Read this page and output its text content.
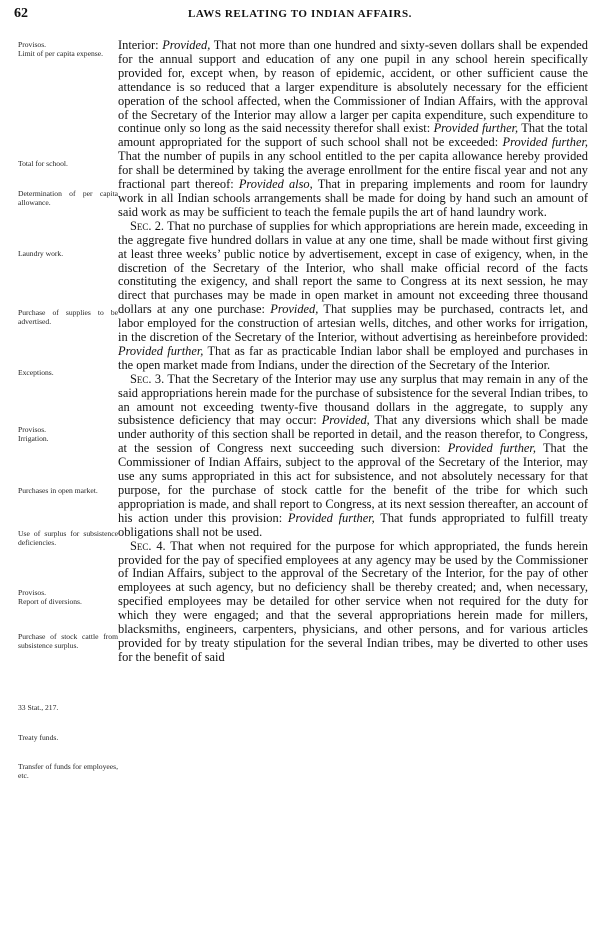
62	LAWS RELATING TO INDIAN AFFAIRS.
Provisos.
Limit of per capita expense.
Total for school.
Determination of per capita allowance.
Laundry work.
Purchase of supplies to be advertised.
Exceptions.
Provisos.
Irrigation.
Purchases in open market.
Use of surplus for subsistence deficiencies.
Provisos.
Report of diversions.
Purchase of stock cattle from subsistence surplus.
33 Stat., 217.
Treaty funds.
Transfer of funds for employees, etc.

Interior: Provided, That not more than one hundred and sixty-seven dollars shall be expended for the annual support and education of any one pupil in any school herein specifically provided for, except when, by reason of epidemic, accident, or other sufficient cause the attendance is so reduced that a larger expenditure is absolutely necessary for the efficient operation of the school affected, when the Commissioner of Indian Affairs, with the approval of the Secretary of the Interior may allow a larger per capita expenditure, such expenditure to continue only so long as the said necessity therefor shall exist: Provided further, That the total amount appropriated for the support of such school shall not be exceeded: Provided further, That the number of pupils in any school entitled to the per capita allowance hereby provided for shall be determined by taking the average enrollment for the entire fiscal year and not any fractional part thereof: Provided also, That in preparing implements and room for laundry work in all Indian schools arrangements shall be made for doing by hand such an amount of said work as may be sufficient to teach the female pupils the art of hand laundry work.

Sec. 2. That no purchase of supplies for which appropriations are herein made, exceeding in the aggregate five hundred dollars in value at any one time, shall be made without first giving at least three weeks’ public notice by advertisement, except in case of exigency, when, in the discretion of the Secretary of the Interior, who shall make official record of the facts constituting the exigency, and shall report the same to Congress at its next session, he may direct that purchases may be made in open market in amount not exceeding three thousand dollars at any one purchase: Provided, That supplies may be purchased, contracts let, and labor employed for the construction of artesian wells, ditches, and other works for irrigation, in the discretion of the Secretary of the Interior, without advertising as hereinbefore provided: Provided further, That as far as practicable Indian labor shall be employed and purchases in the open market made from Indians, under the direction of the Secretary of the Interior.

Sec. 3. That the Secretary of the Interior may use any surplus that may remain in any of the said appropriations herein made for the purchase of subsistence for the several Indian tribes, to an amount not exceeding twenty-five thousand dollars in the aggregate, to supply any subsistence deficiency that may occur: Provided, That any diversions which shall be made under authority of this section shall be reported in detail, and the reason therefor, to Congress, at the session of Congress next succeeding such diversion: Provided further, That the Commissioner of Indian Affairs, subject to the approval of the Secretary of the Interior, may use any sums appropriated in this act for subsistence, and not absolutely necessary for that purpose, for the purchase of stock cattle for the benefit of the tribe for which such appropriation is made, and shall report to Congress, at its next session thereafter, an account of his action under this provision: Provided further, That funds appropriated to fulfill treaty obligations shall not be used.

Sec. 4. That when not required for the purpose for which appropriated, the funds herein provided for the pay of specified employees at any agency may be used by the Commissioner of Indian Affairs, subject to the approval of the Secretary of the Interior, for the pay of other employees at such agency, but no deficiency shall be thereby created; and, when necessary, specified employees may be detailed for other service when not required for the duty for which they were engaged; and that the several appropriations herein made for millers, blacksmiths, engineers, carpenters, physicians, and other persons, and for various articles provided for by treaty stipulation for the several Indian tribes, may be diverted to other uses for the benefit of said
